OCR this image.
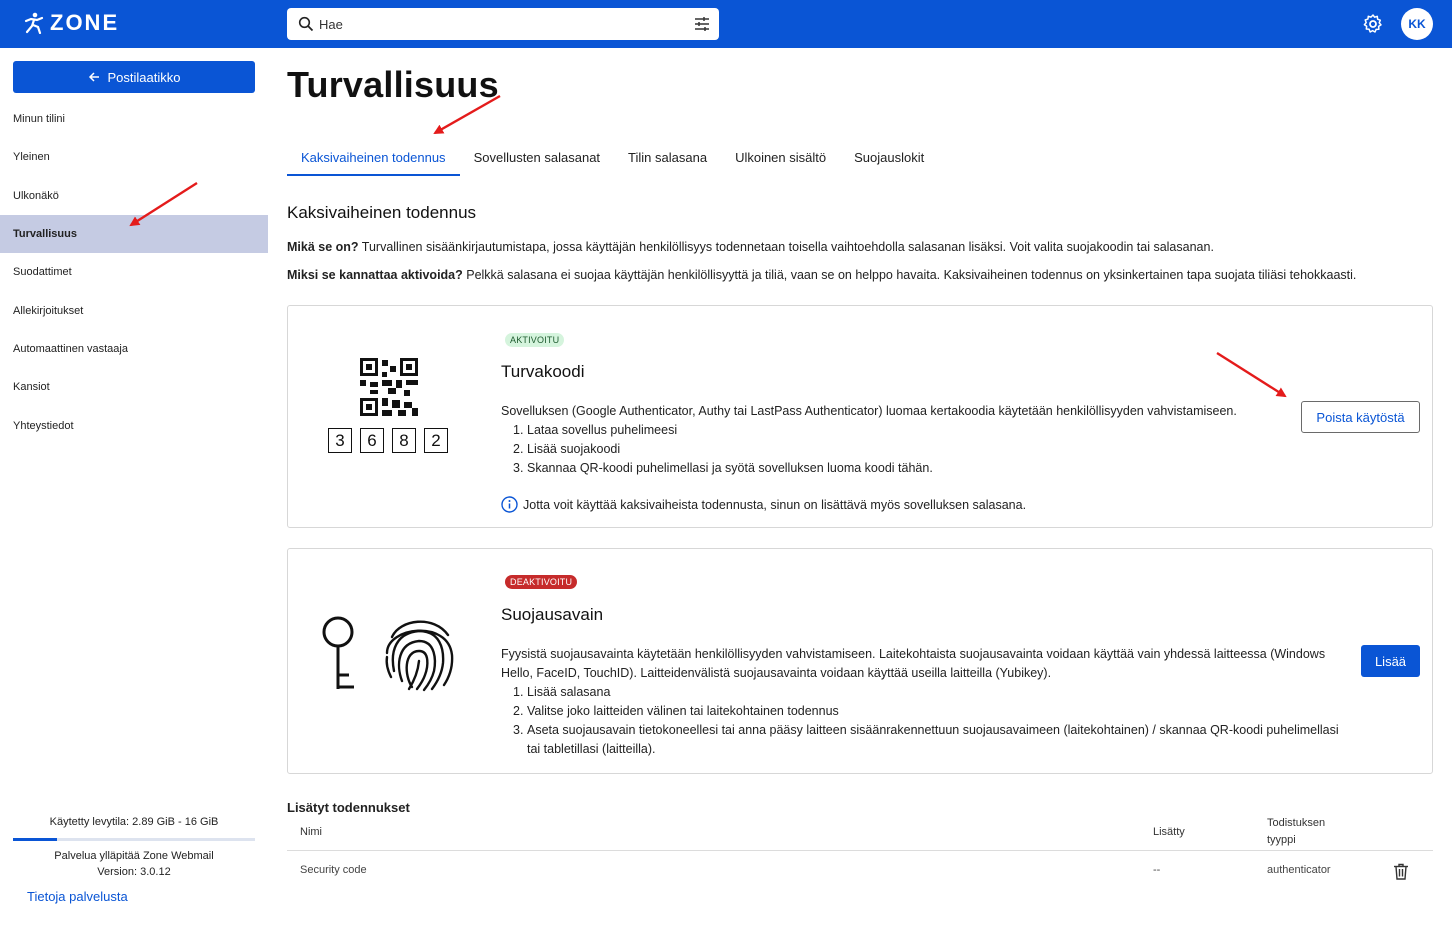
ZONE
Hae	KK
Postilaatikko
Minun tilini
Yleinen
Ulkonäkö
Turvallisuus
Suodattimet
Allekirjoitukset
Automaattinen vastaaja
Kansiot
Yhteystiedot
Käytetty levytila: 2.89 GiB - 16 GiB
Palvelua ylläpitää Zone Webmail
Version: 3.0.12
Tietoja palvelusta
Turvallisuus
Kaksivaiheinen todennus	Sovellusten salasanat	Tilin salasana	Ulkoinen sisältö	Suojauslokit
Kaksivaiheinen todennus
Mikä se on? Turvallinen sisäänkirjautumistapa, jossa käyttäjän henkilöllisyys todennetaan toisella vaihtoehdolla salasanan lisäksi. Voit valita suojakoodin tai salasanan.
Miksi se kannattaa aktivoida? Pelkkä salasana ei suojaa käyttäjän henkilöllisyyttä ja tiliä, vaan se on helppo havaita. Kaksivaiheinen todennus on yksinkertainen tapa suojata tiliäsi tehokkaasti.
3	6	8	2
AKTIVOITU
Turvakoodi
Sovelluksen (Google Authenticator, Authy tai LastPass Authenticator) luomaa kertakoodia käytetään henkilöllisyyden vahvistamiseen.
1. Lataa sovellus puhelimeesi
2. Lisää suojakoodi
3. Skannaa QR-koodi puhelimellasi ja syötä sovelluksen luoma koodi tähän.
Jotta voit käyttää kaksivaiheista todennusta, sinun on lisättävä myös sovelluksen salasana.
Poista käytöstä
DEAKTIVOITU
Suojausavain
Fyysistä suojausavainta käytetään henkilöllisyyden vahvistamiseen. Laitekohtaista suojausavainta voidaan käyttää vain yhdessä laitteessa (Windows
Hello, FaceID, TouchID). Laitteidenvälistä suojausavainta voidaan käyttää useilla laitteilla (Yubikey).
1. Lisää salasana
2. Valitse joko laitteiden välinen tai laitekohtainen todennus
3. Aseta suojausavain tietokoneellesi tai anna pääsy laitteen sisäänrakennettuun suojausavaimeen (laitekohtainen) / skannaa QR-koodi puhelimellasi
tai tabletillasi (laitteilla).
Lisää
Lisätyt todennukset
Nimi	Lisätty
Todistuksen
tyyppi
Security code	--	authenticator
